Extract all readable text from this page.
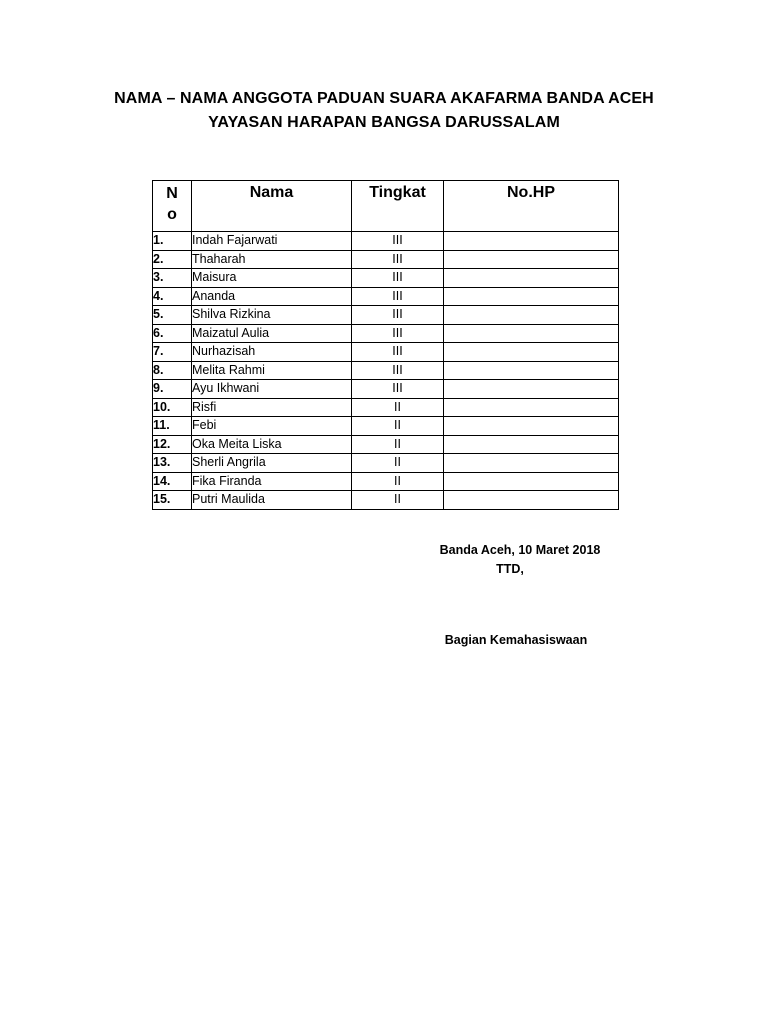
NAMA – NAMA ANGGOTA PADUAN SUARA AKAFARMA BANDA ACEH
YAYASAN HARAPAN BANGSA DARUSSALAM
N
o	Nama	Tingkat	No.HP
1.	Indah Fajarwati	III	
2.	Thaharah	III	
3.	Maisura	III	
4.	Ananda	III	
5.	Shilva Rizkina	III	
6.	Maizatul Aulia	III	
7.	Nurhazisah	III	
8.	Melita Rahmi	III	
9.	Ayu Ikhwani	III	
10.	Risfi	II	
11.	Febi	II	
12.	Oka Meita Liska	II	
13.	Sherli Angrila	II	
14.	Fika Firanda	II	
15.	Putri Maulida	II	
Banda Aceh, 10 Maret 2018
TTD,
Bagian Kemahasiswaan
